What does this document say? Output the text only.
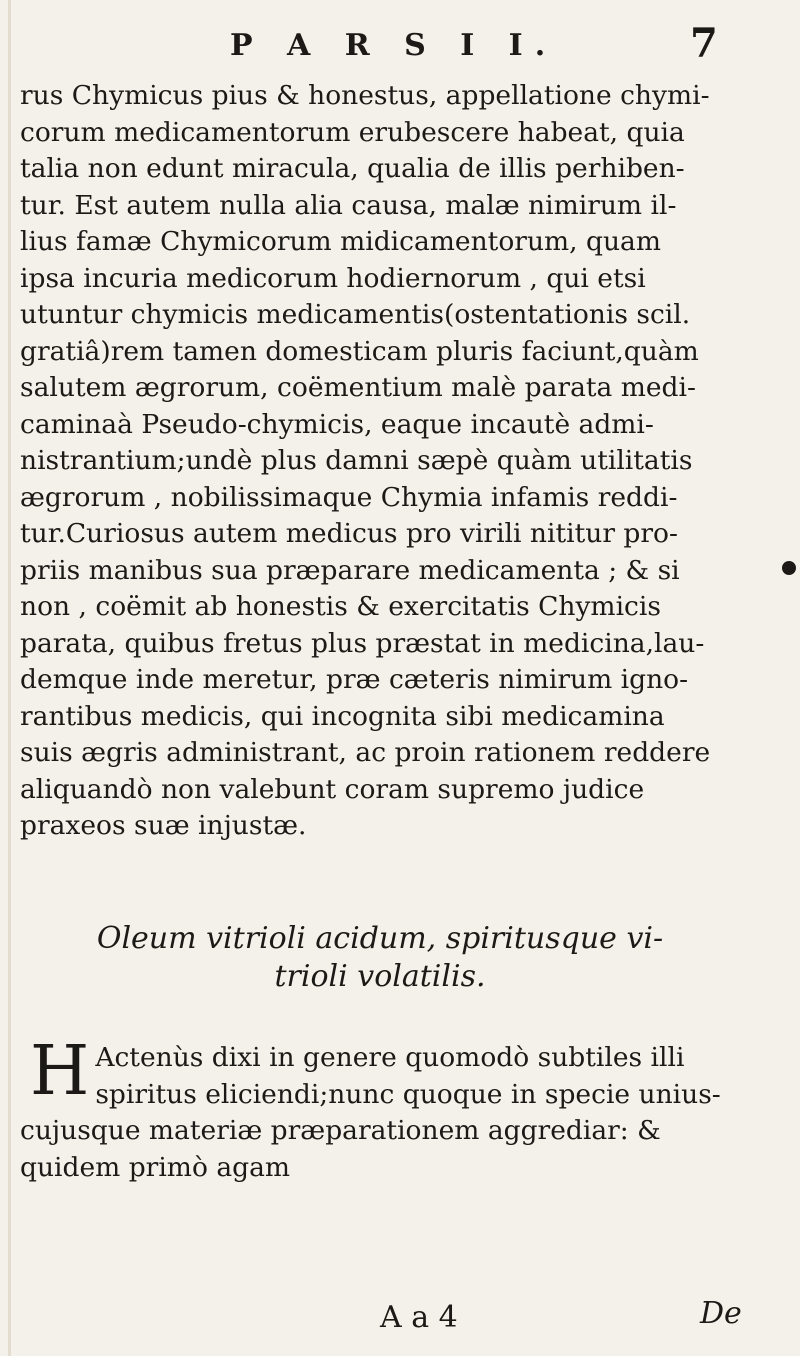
P A R S I I.	7
rus Chymicus pius & honestus, appellatione chymi-
corum medicamentorum erubescere habeat, quia
talia non edunt miracula, qualia de illis perhiben-
tur. Est autem nulla alia causa, malæ nimirum il-
lius famæ Chymicorum midicamentorum, quam
ipsa incuria medicorum hodiernorum , qui etsi
utuntur chymicis medicamentis(ostentationis scil.
gratiâ)rem tamen domesticam pluris faciunt,quàm
salutem ægrorum, coëmentium malè parata medi-
caminaà Pseudo-chymicis, eaque incautè admi-
nistrantium;undè plus damni sæpè quàm utilitatis
ægrorum , nobilissimaque Chymia infamis reddi-
tur.Curiosus autem medicus pro virili nititur pro-
priis manibus sua præparare medicamenta ; & si
non , coëmit ab honestis & exercitatis Chymicis
parata, quibus fretus plus præstat in medicina,lau-
demque inde meretur, præ cæteris nimirum igno-
rantibus medicis, qui incognita sibi medicamina
suis ægris administrant, ac proin rationem reddere
aliquandò non valebunt coram supremo judice
praxeos suæ injustæ.
Oleum vitrioli acidum, spiritusque vi-
trioli volatilis.
H Actenùs dixi in genere quomodò subtiles illi
spiritus eliciendi;nunc quoque in specie unius-
cujusque materiæ præparationem aggrediar: &
quidem primò agam
A a 4	De
